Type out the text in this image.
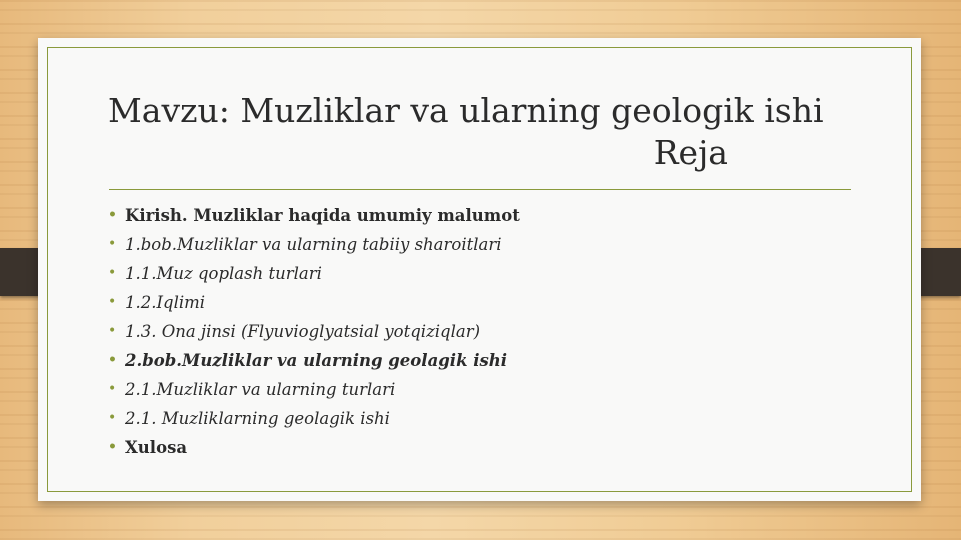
Mavzu: Muzliklar va ularning geologik ishi
Reja
• Kirish. Muzliklar haqida umumiy malumot
• 1.bob.Muzliklar va ularning tabiiy sharoitlari
• 1.1.Muz qoplash turlari
• 1.2.Iqlimi
• 1.3. Ona jinsi (Flyuvioglyatsial yotqiziqlar)
• 2.bob.Muzliklar va ularning geolagik ishi
• 2.1.Muzliklar va ularning turlari
• 2.1. Muzliklarning geolagik ishi
• Xulosa
